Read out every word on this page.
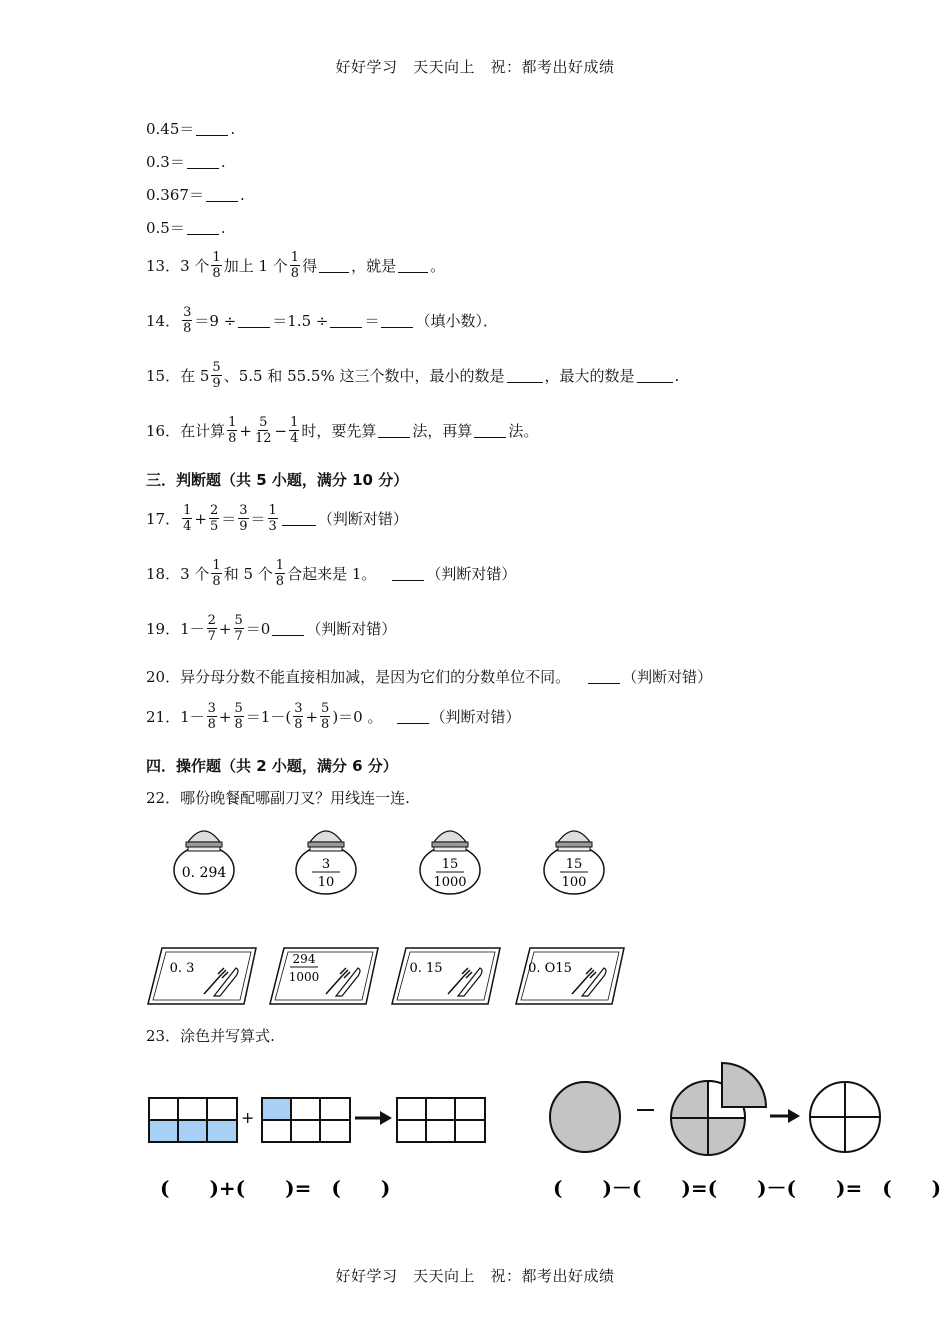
好好学习　天天向上　祝：都考出好成绩
0.45＝ .
0.3＝ .
0.367＝ .
0.5＝ .
13． 3 个 $\frac{1}{8}$ 加上 1 个 $\frac{1}{8}$ 得 ，就是 。
14． $\frac{3}{8} =9 \div =1.5$ ÷ ＝ （填小数）．
15． 在 $5 \frac{5}{9}$ 、5.5 和 55.5% 这三个数中，最小的数是	，最大的数是	.
16． 在计算 $\frac{1}{8} + \frac{5}{12} - \frac{1}{4}$ 时，要先算 法，再算 法。
三．判断题（共 5 小题，满分 10 分）
17． $\frac{1}{4} + \frac{2}{5} = \frac{3}{9} = \frac{1}{3}$	（判断对错）
18． 3 个 $\frac{1}{8}$ 和 5 个 $\frac{1}{8}$ 合起来是 1。	（判断对错）
19． $1- \frac{2}{7} + \frac{5}{7} =0$ （判断对错）
20． 异分母分数不能直接相加减，是因为它们的分数单位不同。	（判断对错）
21． $1- \frac{3}{8} + \frac{5}{8} =1-( \frac{3}{8} + \frac{5}{8} )=0$ 。	（判断对错）
四．操作题（共 2 小题，满分 6 分）
22． 哪份晚餐配哪副刀叉？用线连一连.
0. 294
3
10
15
1000
15
100
0. 3
294
1000
0. 15	0. O15
23． 涂色并写算式.
+
(　　)+(　　)=　(　　)	(　　)－(　　)=(　　)－(　　)=　(　　)
好好学习　天天向上　祝：都考出好成绩
